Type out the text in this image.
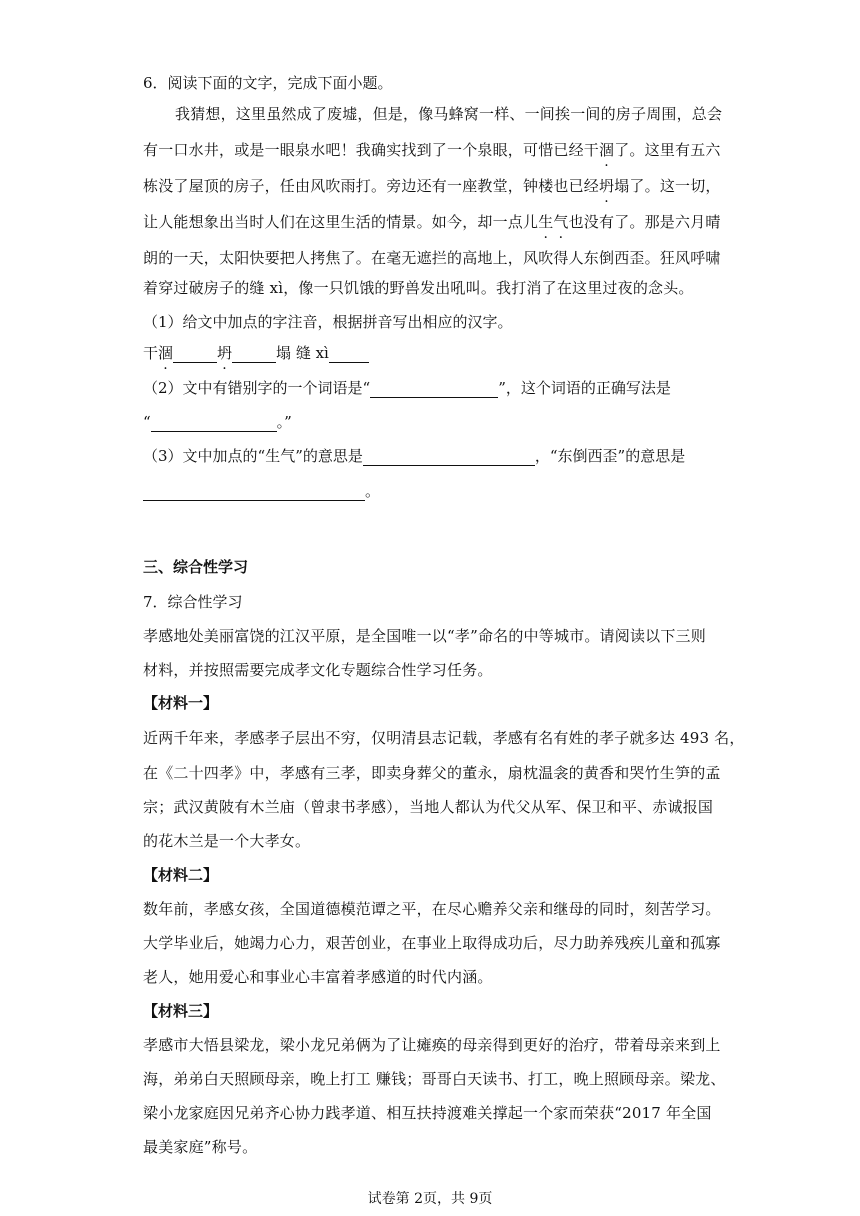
6．阅读下面的文字，完成下面小题。
我猜想，这里虽然成了废墟，但是，像马蜂窝一样、一间挨一间的房子周围，总会
有一口水井，或是一眼泉水吧！我确实找到了一个泉眼，可惜已经干涸了。这里有五六
栋没了屋顶的房子，任由风吹雨打。旁边还有一座教堂，钟楼也已经坍塌了。这一切，
让人能想象出当时人们在这里生活的情景。如今，却一点儿生气也没有了。那是六月晴
朗的一天，太阳快要把人拷焦了。在毫无遮拦的高地上，风吹得人东倒西歪。狂风呼啸
着穿过破房子的缝 xì，像一只饥饿的野兽发出吼叫。我打消了在这里过夜的念头。
（1）给文中加点的字注音，根据拼音写出相应的汉字。
干涸	坍	塌 缝 xì
（2）文中有错别字的一个词语是“	”，这个词语的正确写法是
“	。”
（3）文中加点的“生气”的意思是	，“东倒西歪”的意思是
。
三、综合性学习
7．综合性学习
孝感地处美丽富饶的江汉平原，是全国唯一以“孝”命名的中等城市。请阅读以下三则
材料，并按照需要完成孝文化专题综合性学习任务。
【材料一】
近两千年来，孝感孝子层出不穷，仅明清县志记载，孝感有名有姓的孝子就多达 493 名，
在《二十四孝》中，孝感有三孝，即卖身葬父的董永，扇枕温衾的黄香和哭竹生笋的孟
宗；武汉黄陂有木兰庙（曾隶书孝感），当地人都认为代父从军、保卫和平、赤诚报国
的花木兰是一个大孝女。
【材料二】
数年前，孝感女孩，全国道德模范谭之平，在尽心赡养父亲和继母的同时，刻苦学习。
大学毕业后，她竭力心力，艰苦创业，在事业上取得成功后，尽力助养残疾儿童和孤寡
老人，她用爱心和事业心丰富着孝感道的时代内涵。
【材料三】
孝感市大悟县梁龙，梁小龙兄弟俩为了让瘫痪的母亲得到更好的治疗，带着母亲来到上
海，弟弟白天照顾母亲，晚上打工 赚钱；哥哥白天读书、打工，晚上照顾母亲。梁龙、
梁小龙家庭因兄弟齐心协力践孝道、相互扶持渡难关撑起一个家而荣获“2017 年全国
最美家庭”称号。
试卷第 2页，共 9页
